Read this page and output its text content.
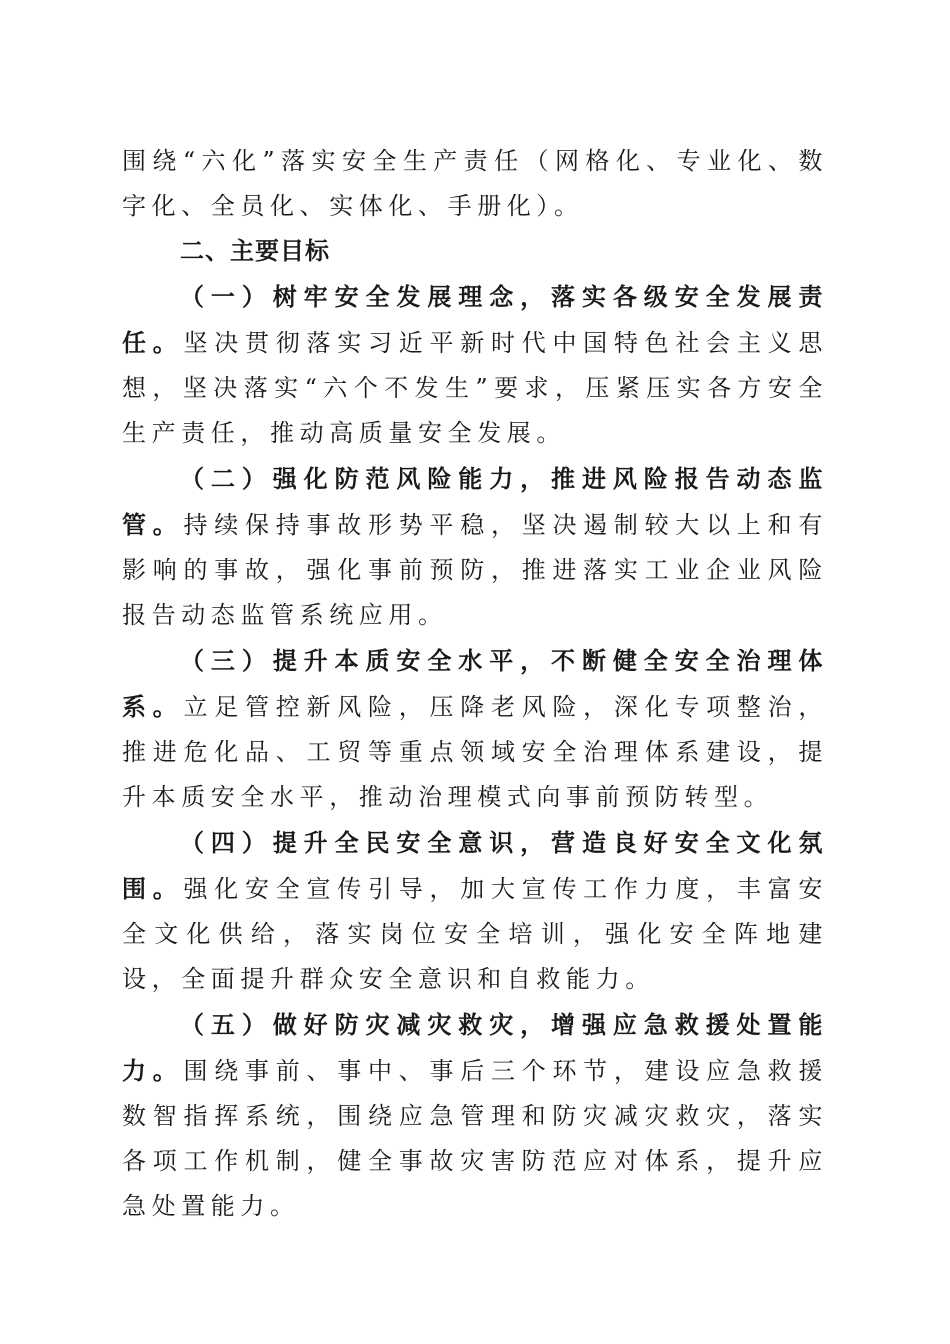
围绕“六化”落实安全生产责任（网格化、专业化、数字化、全员化、实体化、手册化）。

二、主要目标

（一）树牢安全发展理念，落实各级安全发展责任。坚决贯彻落实习近平新时代中国特色社会主义思想，坚决落实“六个不发生”要求，压紧压实各方安全生产责任，推动高质量安全发展。

（二）强化防范风险能力，推进风险报告动态监管。持续保持事故形势平稳，坚决遏制较大以上和有影响的事故，强化事前预防，推进落实工业企业风险报告动态监管系统应用。

（三）提升本质安全水平，不断健全安全治理体系。立足管控新风险，压降老风险，深化专项整治，推进危化品、工贸等重点领域安全治理体系建设，提升本质安全水平，推动治理模式向事前预防转型。

（四）提升全民安全意识，营造良好安全文化氛围。强化安全宣传引导，加大宣传工作力度，丰富安全文化供给，落实岗位安全培训，强化安全阵地建设，全面提升群众安全意识和自救能力。

（五）做好防灾减灾救灾，增强应急救援处置能力。围绕事前、事中、事后三个环节，建设应急救援数智指挥系统，围绕应急管理和防灾减灾救灾，落实各项工作机制，健全事故灾害防范应对体系，提升应急处置能力。
